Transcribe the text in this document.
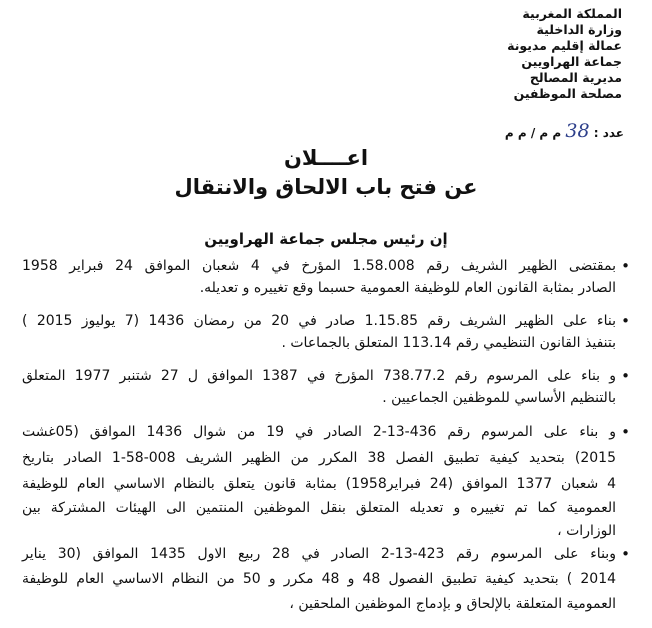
المملكة المغربية
وزارة الداخلية
عمالة إقليم مديونة
جماعة الهراويين
مديرية المصالح
مصلحة الموظفين
عدد : 38 م م / م م
اعــــلان
عن فتح باب الالحاق والانتقال
إن رئيس مجلس جماعة الهراويين
•
بمقتضى الظهير الشريف رقم 1.58.008 المؤرخ في 4 شعبان الموافق 24 فبراير 1958
الصادر بمثابة القانون العام للوظيفة العمومية حسبما وقع تغييره و تعديله.
•
بناء على الظهير الشريف رقم 1.15.85 صادر في 20 من رمضان 1436 (7 يوليوز 2015 )
بتنفيذ القانون التنظيمي رقم 113.14 المتعلق بالجماعات .
•
و بناء على المرسوم رقم 738.77.2 المؤرخ في 1387 الموافق ل 27 شتنبر 1977 المتعلق
بالتنظيم الأساسي للموظفين الجماعيين .
•
و بناء على المرسوم رقم 436-13-2 الصادر في 19 من شوال 1436 الموافق (05غشت
2015) بتحديد كيفية تطبيق الفصل 38 المكرر من الظهير الشريف 008-58-1 الصادر بتاريخ
4 شعبان 1377 الموافق (24 فبراير1958) بمثابة قانون يتعلق بالنظام الاساسي العام للوظيفة
العمومية كما تم تغييره و تعديله المتعلق بنقل الموظفين المنتمين الى الهيئات المشتركة بين
الوزارات ،
•
وبناء على المرسوم رقم 423-13-2 الصادر في 28 ربيع الاول 1435 الموافق (30 يناير
2014 ) بتحديد كيفية تطبيق الفصول 48 و 48 مكرر و 50 من النظام الاساسي العام للوظيفة
العمومية المتعلقة بالإلحاق و بإدماج الموظفين الملحقين ،
